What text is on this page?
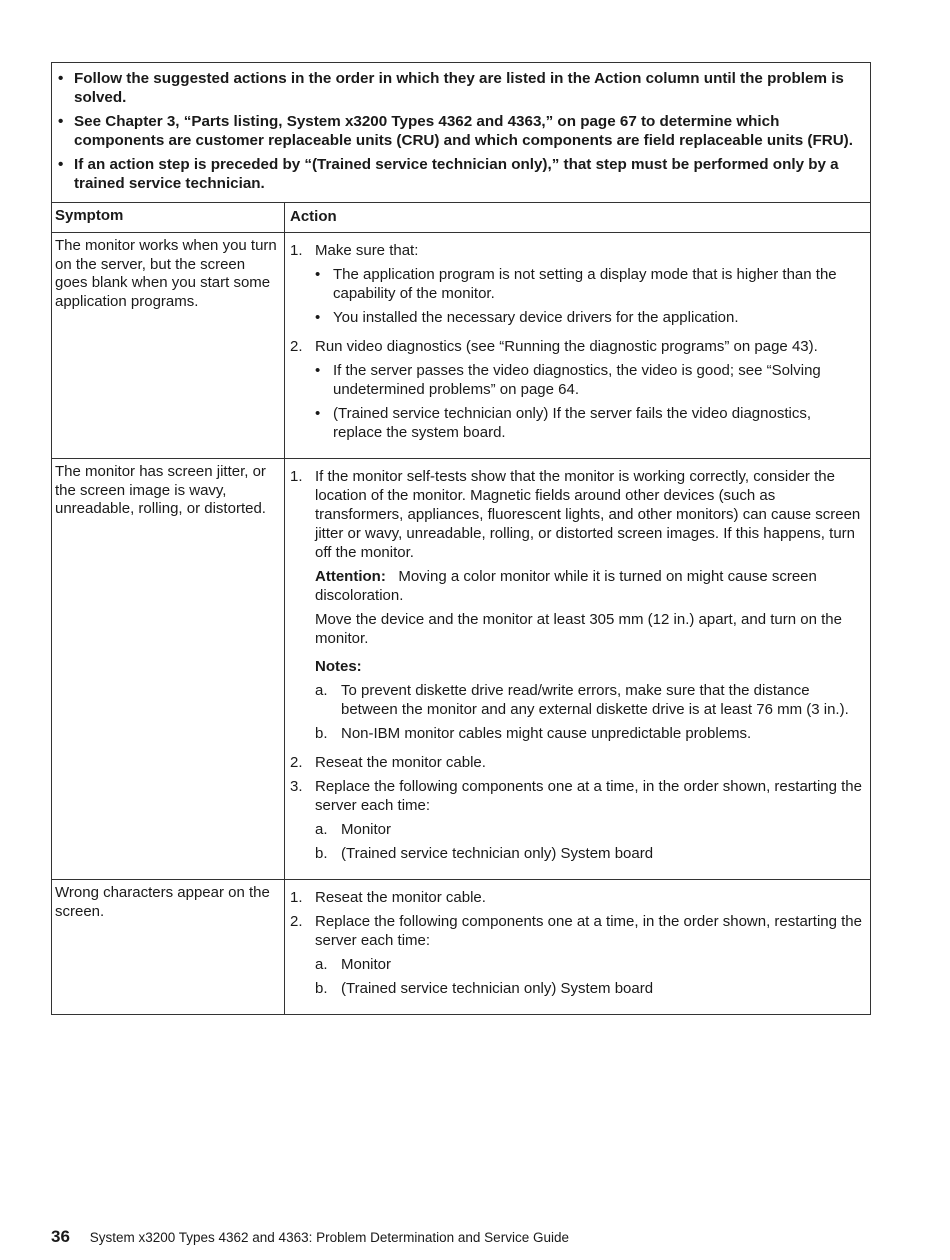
• Follow the suggested actions in the order in which they are listed in the Action column until the problem is solved.
• See Chapter 3, “Parts listing, System x3200 Types 4362 and 4363,” on page 67 to determine which components are customer replaceable units (CRU) and which components are field replaceable units (FRU).
• If an action step is preceded by “(Trained service technician only),” that step must be performed only by a trained service technician.
Symptom	Action
The monitor works when you turn on the server, but the screen goes blank when you start some application programs.
1. Make sure that:
• The application program is not setting a display mode that is higher than the capability of the monitor.
• You installed the necessary device drivers for the application.
2. Run video diagnostics (see “Running the diagnostic programs” on page 43).
• If the server passes the video diagnostics, the video is good; see “Solving undetermined problems” on page 64.
• (Trained service technician only) If the server fails the video diagnostics, replace the system board.
The monitor has screen jitter, or the screen image is wavy, unreadable, rolling, or distorted.
1. If the monitor self-tests show that the monitor is working correctly, consider the location of the monitor. Magnetic fields around other devices (such as transformers, appliances, fluorescent lights, and other monitors) can cause screen jitter or wavy, unreadable, rolling, or distorted screen images. If this happens, turn off the monitor.
Attention: Moving a color monitor while it is turned on might cause screen discoloration.
Move the device and the monitor at least 305 mm (12 in.) apart, and turn on the monitor.
Notes:
a. To prevent diskette drive read/write errors, make sure that the distance between the monitor and any external diskette drive is at least 76 mm (3 in.).
b. Non-IBM monitor cables might cause unpredictable problems.
2. Reseat the monitor cable.
3. Replace the following components one at a time, in the order shown, restarting the server each time:
a. Monitor
b. (Trained service technician only) System board
Wrong characters appear on the screen.
1. Reseat the monitor cable.
2. Replace the following components one at a time, in the order shown, restarting the server each time:
a. Monitor
b. (Trained service technician only) System board
36 System x3200 Types 4362 and 4363: Problem Determination and Service Guide
